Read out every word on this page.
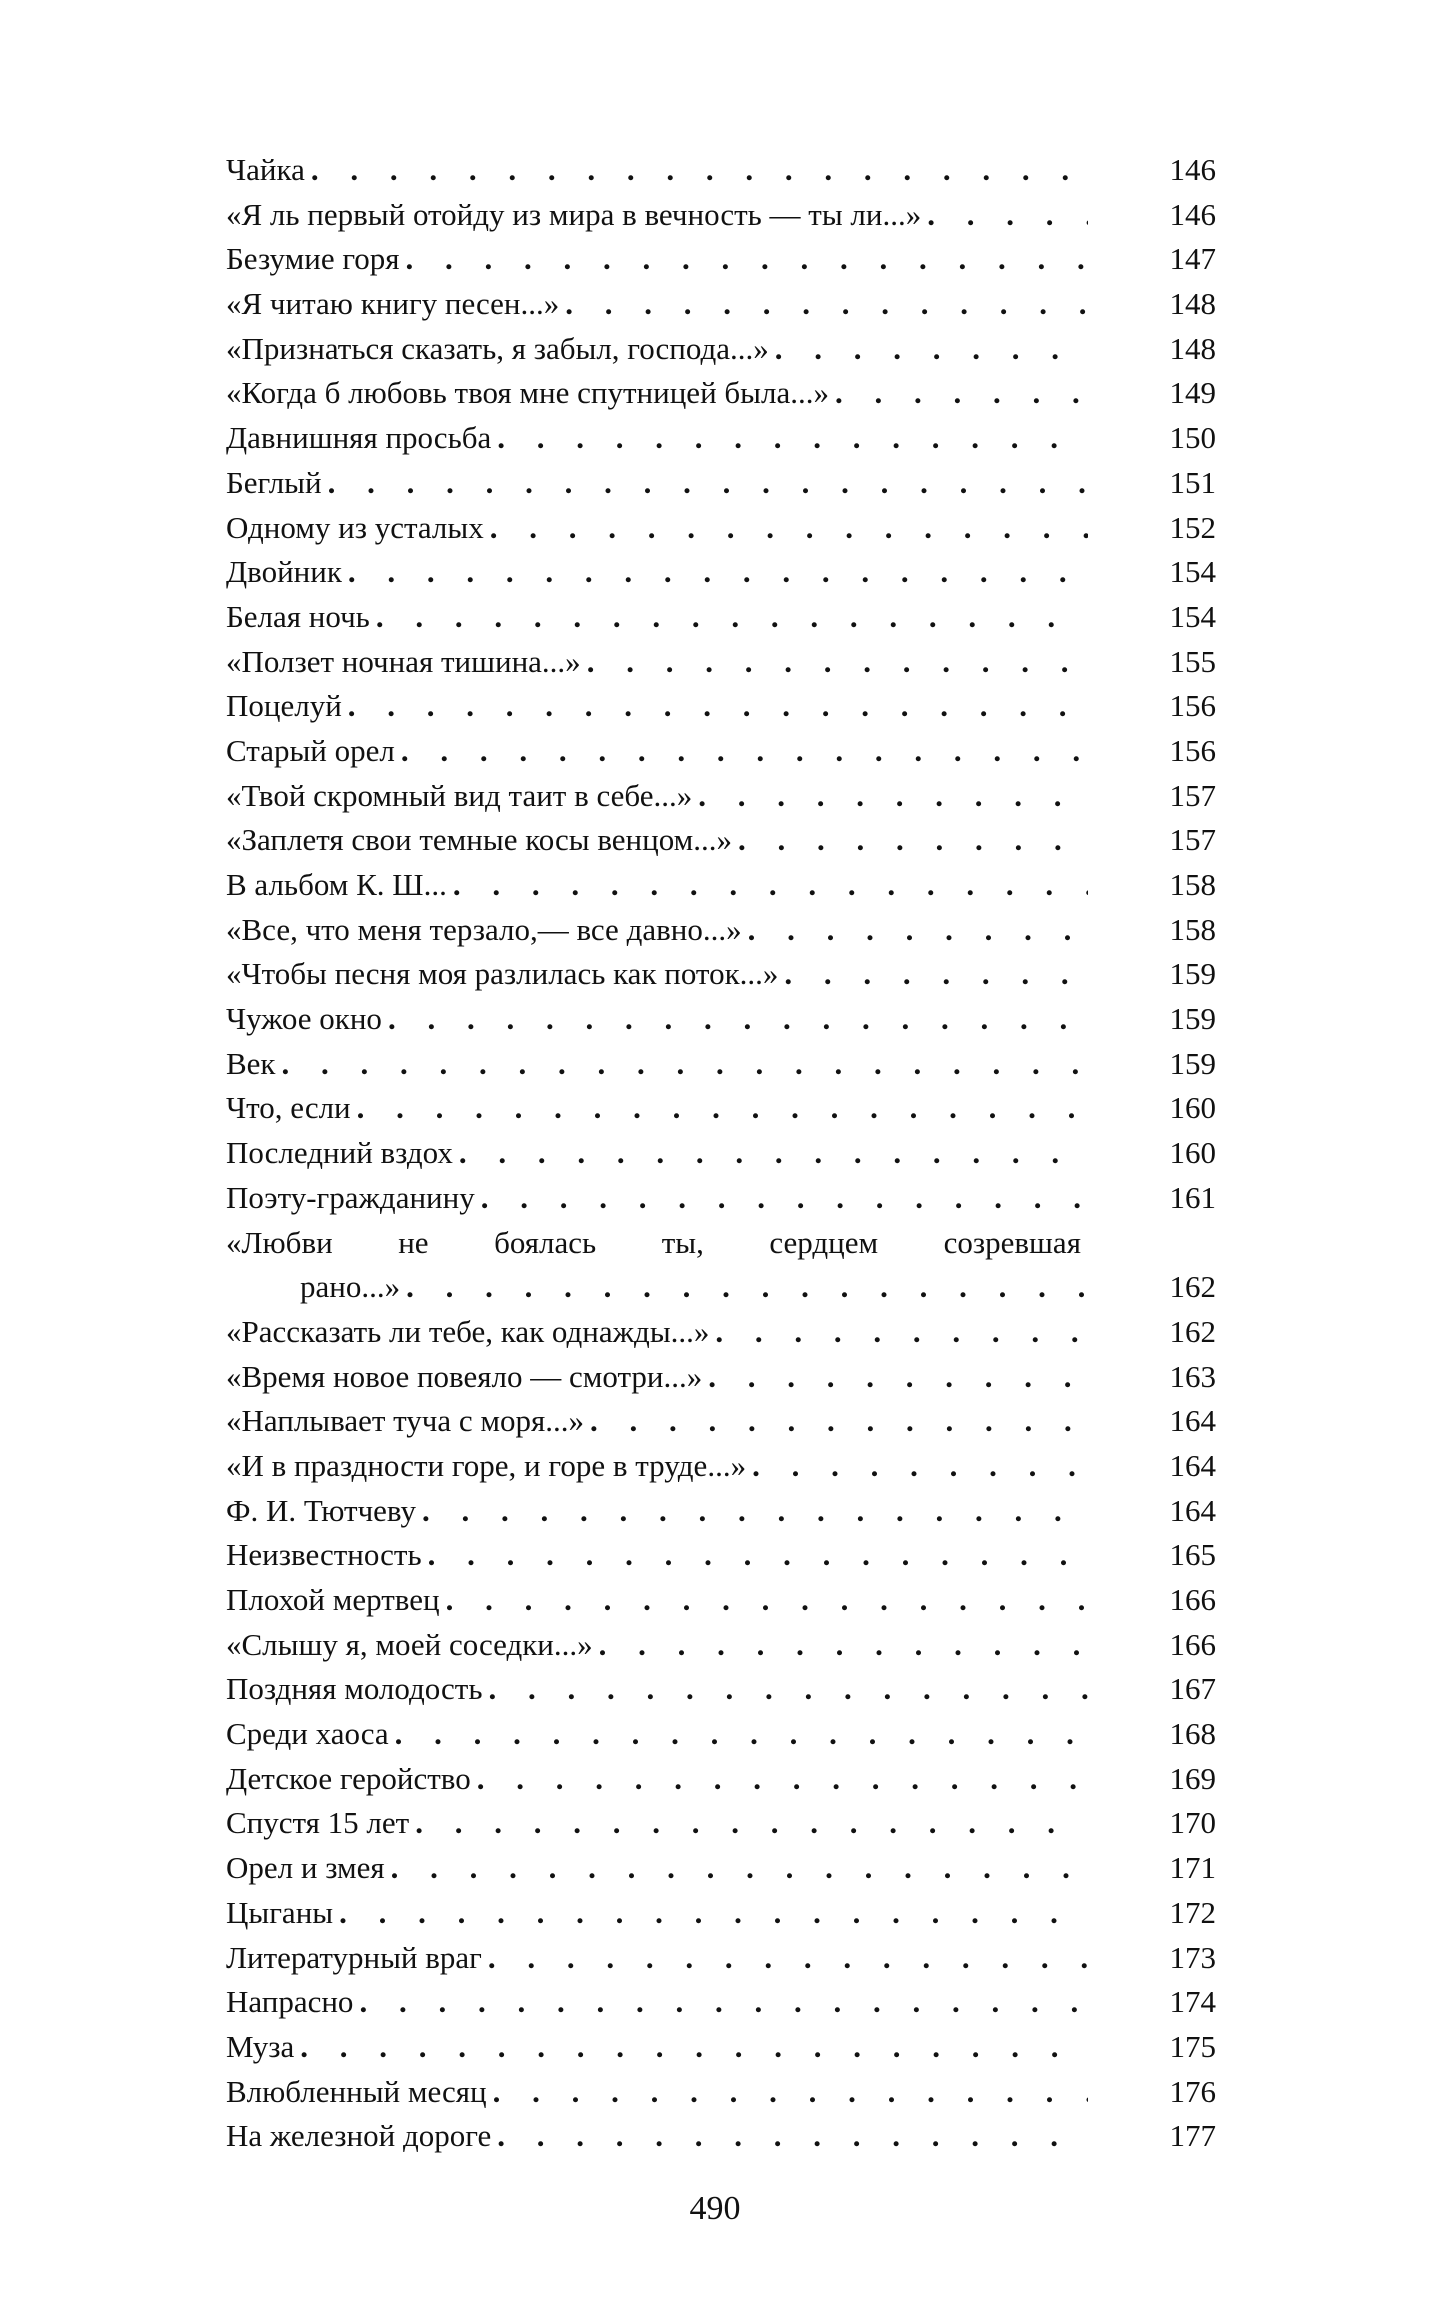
Чайка . . .	146
«Я ль первый отойду из мира в вечность — ты ли...» . . .	146
Безумие горя . . .	147
«Я читаю книгу песен...» . . .	148
«Признаться сказать, я забыл, господа...» . . .	148
«Когда б любовь твоя мне спутницей была...» . . .	149
Давнишняя просьба . . .	150
Беглый . . .	151
Одному из усталых . . .	152
Двойник . . .	154
Белая ночь . . .	154
«Ползет ночная тишина...» . . .	155
Поцелуй . . .	156
Старый орел . . .	156
«Твой скромный вид таит в себе...» . . .	157
«Заплетя свои темные косы венцом...» . . .	157
В альбом К. Ш... . . .	158
«Все, что меня терзало,— все давно...» . . .	158
«Чтобы песня моя разлилась как поток...» . . .	159
Чужое окно . . .	159
Век . . .	159
Что, если . . .	160
Последний вздох . . .	160
Поэту-гражданину . . .	161
«Любви не боялась ты, сердцем созревшая
рано...» . . .	162
«Рассказать ли тебе, как однажды...» . . .	162
«Время новое повеяло — смотри...» . . .	163
«Наплывает туча с моря...» . . .	164
«И в праздности горе, и горе в труде...» . . .	164
Ф. И. Тютчеву . . .	164
Неизвестность . . .	165
Плохой мертвец . . .	166
«Слышу я, моей соседки...» . . .	166
Поздняя молодость . . .	167
Среди хаоса . . .	168
Детское геройство . . .	169
Спустя 15 лет . . .	170
Орел и змея . . .	171
Цыганы . . .	172
Литературный враг . . .	173
Напрасно . . .	174
Муза . . .	175
Влюбленный месяц . . .	176
На железной дороге . . .	177
490
